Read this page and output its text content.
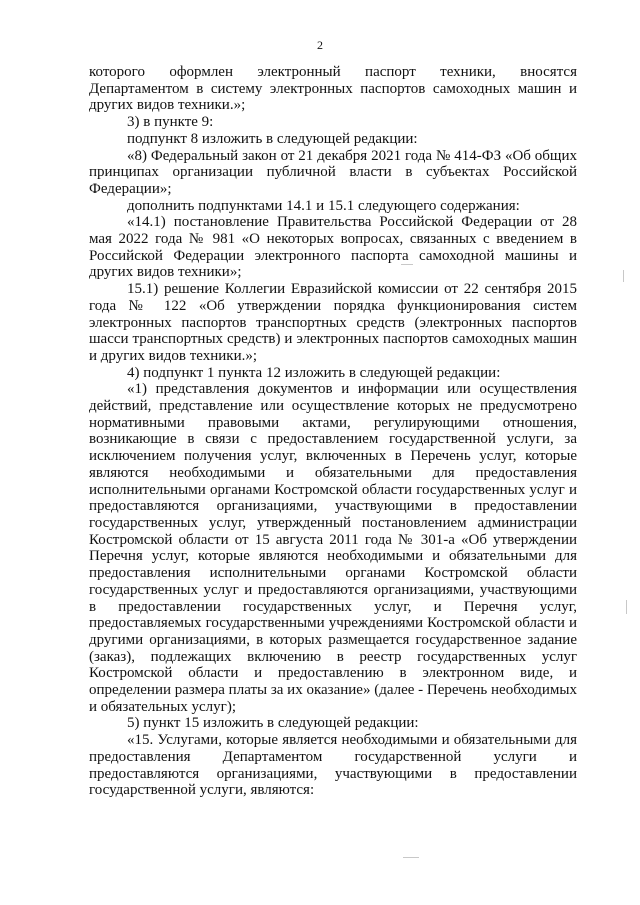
2

которого оформлен электронный паспорт техники, вносятся Департаментом в систему электронных паспортов самоходных машин и других видов техники.»;

3) в пункте 9:

подпункт 8 изложить в следующей редакции:

«8) Федеральный закон от 21 декабря 2021 года № 414-ФЗ «Об общих принципах организации публичной власти в субъектах Российской Федерации»;

дополнить подпунктами 14.1 и 15.1 следующего содержания:

«14.1) постановление Правительства Российской Федерации от 28 мая 2022 года № 981 «О некоторых вопросах, связанных с введением в Российской Федерации электронного паспорта самоходной машины и других видов техники»;

15.1) решение Коллегии Евразийской комиссии от 22 сентября 2015 года № 122 «Об утверждении порядка функционирования систем электронных паспортов транспортных средств (электронных паспортов шасси транспортных средств) и электронных паспортов самоходных машин и других видов техники.»;

4) подпункт 1 пункта 12 изложить в следующей редакции:

«1) представления документов и информации или осуществления действий, представление или осуществление которых не предусмотрено нормативными правовыми актами, регулирующими отношения, возникающие в связи с предоставлением государственной услуги, за исключением получения услуг, включенных в Перечень услуг, которые являются необходимыми и обязательными для предоставления исполнительными органами Костромской области государственных услуг и предоставляются организациями, участвующими в предоставлении государственных услуг, утвержденный постановлением администрации Костромской области от 15 августа 2011 года № 301-а «Об утверждении Перечня услуг, которые являются необходимыми и обязательными для предоставления исполнительными органами Костромской области государственных услуг и предоставляются организациями, участвующими в предоставлении государственных услуг, и Перечня услуг, предоставляемых государственными учреждениями Костромской области и другими организациями, в которых размещается государственное задание (заказ), подлежащих включению в реестр государственных услуг Костромской области и предоставлению в электронном виде, и определении размера платы за их оказание» (далее - Перечень необходимых и обязательных услуг);

5) пункт 15 изложить в следующей редакции:

«15. Услугами, которые является необходимыми и обязательными для предоставления Департаментом государственной услуги и предоставляются организациями, участвующими в предоставлении государственной услуги, являются:
